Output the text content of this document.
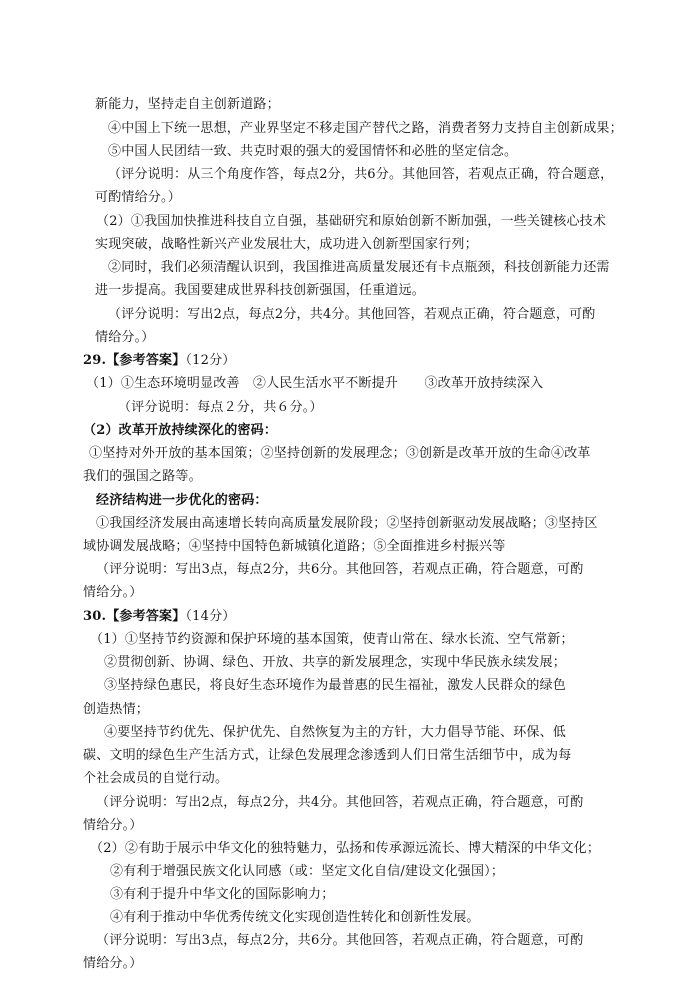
新能力，坚持走自主创新道路；
④中国上下统一思想，产业界坚定不移走国产替代之路，消费者努力支持自主创新成果；
⑤中国人民团结一致、共克时艰的强大的爱国情怀和必胜的坚定信念。
（评分说明：从三个角度作答，每点2分，共6分。其他回答，若观点正确，符合题意，
可酌情给分。）
（2）①我国加快推进科技自立自强，基础研究和原始创新不断加强，一些关键核心技术
实现突破，战略性新兴产业发展壮大，成功进入创新型国家行列；
②同时，我们必须清醒认识到，我国推进高质量发展还有卡点瓶颈，科技创新能力还需
进一步提高。我国要建成世界科技创新强国，任重道远。
（评分说明：写出2点，每点2分，共4分。其他回答，若观点正确，符合题意，可酌
情给分。）
29.【参考答案】（12分）
（1）①生态环境明显改善　②人民生活水平不断提升　　③改革开放持续深入
（评分说明：每点２分，共６分。）
（2）改革开放持续深化的密码：
①坚持对外开放的基本国策；②坚持创新的发展理念；③创新是改革开放的生命④改革
我们的强国之路等。
经济结构进一步优化的密码：
①我国经济发展由高速增长转向高质量发展阶段；②坚持创新驱动发展战略；③坚持区
域协调发展战略；④坚持中国特色新城镇化道路；⑤全面推进乡村振兴等
（评分说明：写出3点，每点2分，共6分。其他回答，若观点正确，符合题意，可酌
情给分。）
30.【参考答案】（14分）
（1）①坚持节约资源和保护环境的基本国策，使青山常在、绿水长流、空气常新；
②贯彻创新、协调、绿色、开放、共享的新发展理念，实现中华民族永续发展；
③坚持绿色惠民，将良好生态环境作为最普惠的民生福祉，激发人民群众的绿色
创造热情；
④要坚持节约优先、保护优先、自然恢复为主的方针，大力倡导节能、环保、低
碳、文明的绿色生产生活方式，让绿色发展理念渗透到人们日常生活细节中，成为每
个社会成员的自觉行动。
（评分说明：写出2点，每点2分，共4分。其他回答，若观点正确，符合题意，可酌
情给分。）
（2）②有助于展示中华文化的独特魅力，弘扬和传承源远流长、博大精深的中华文化；
②有利于增强民族文化认同感（或：坚定文化自信/建设文化强国）；
③有利于提升中华文化的国际影响力；
④有利于推动中华优秀传统文化实现创造性转化和创新性发展。
（评分说明：写出3点，每点2分，共6分。其他回答，若观点正确，符合题意，可酌
情给分。）
